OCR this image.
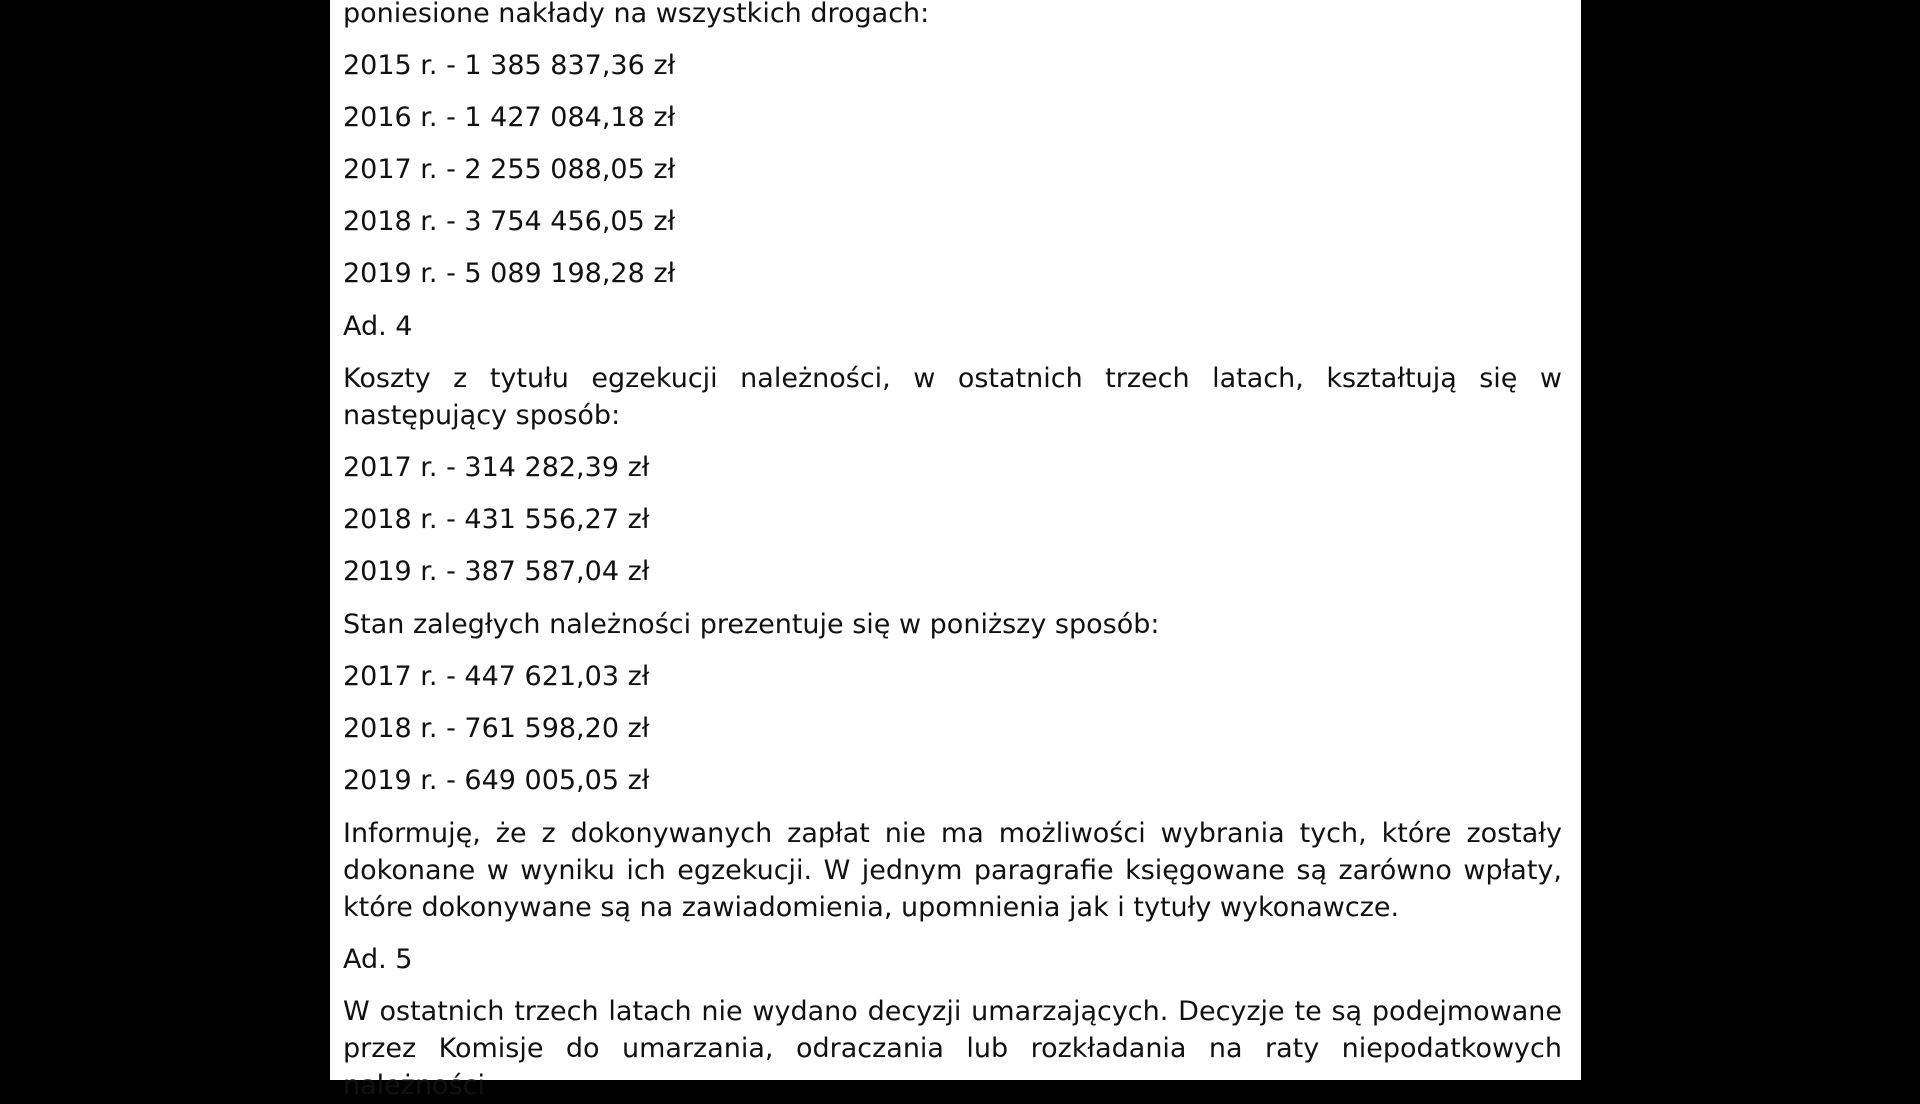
poniesione nakłady na wszystkich drogach:

2015 r. - 1 385 837,36 zł

2016 r. - 1 427 084,18 zł

2017 r. - 2 255 088,05 zł

2018 r. - 3 754 456,05 zł

2019 r. - 5 089 198,28 zł

Ad. 4

Koszty z tytułu egzekucji należności, w ostatnich trzech latach, kształtują się w następujący sposób:

2017 r. - 314 282,39 zł

2018 r. - 431 556,27 zł

2019 r. - 387 587,04 zł

Stan zaległych należności prezentuje się w poniższy sposób:

2017 r. - 447 621,03 zł

2018 r. - 761 598,20 zł

2019 r. - 649 005,05 zł

Informuję, że z dokonywanych zapłat nie ma możliwości wybrania tych, które zostały dokonane w wyniku ich egzekucji. W jednym paragrafie księgowane są zarówno wpłaty, które dokonywane są na zawiadomienia, upomnienia jak i tytuły wykonawcze.

Ad. 5

W ostatnich trzech latach nie wydano decyzji umarzających. Decyzje te są podejmowane przez Komisje do umarzania, odraczania lub rozkładania na raty niepodatkowych należności
